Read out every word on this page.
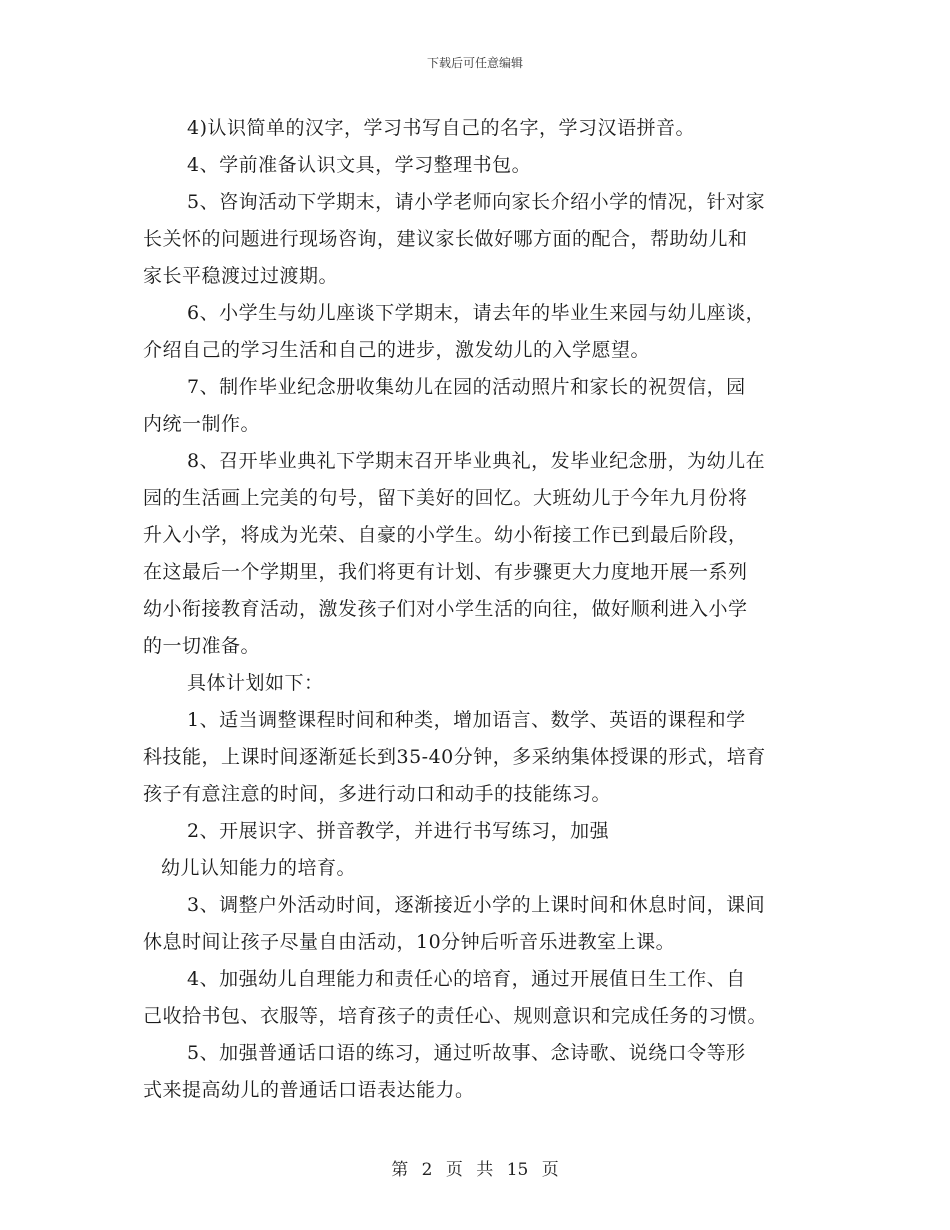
下载后可任意编辑
4)认识简单的汉字，学习书写自己的名字，学习汉语拼音。
4、学前准备认识文具，学习整理书包。
5、咨询活动下学期末，请小学老师向家长介绍小学的情况，针对家
长关怀的问题进行现场咨询，建议家长做好哪方面的配合，帮助幼儿和
家长平稳渡过过渡期。
6、小学生与幼儿座谈下学期末，请去年的毕业生来园与幼儿座谈，
介绍自己的学习生活和自己的进步，激发幼儿的入学愿望。
7、制作毕业纪念册收集幼儿在园的活动照片和家长的祝贺信，园
内统一制作。
8、召开毕业典礼下学期末召开毕业典礼，发毕业纪念册，为幼儿在
园的生活画上完美的句号，留下美好的回忆。大班幼儿于今年九月份将
升入小学，将成为光荣、自豪的小学生。幼小衔接工作已到最后阶段，
在这最后一个学期里，我们将更有计划、有步骤更大力度地开展一系列
幼小衔接教育活动，激发孩子们对小学生活的向往，做好顺利进入小学
的一切准备。
具体计划如下：
1、适当调整课程时间和种类，增加语言、数学、英语的课程和学
科技能，上课时间逐渐延长到35-40分钟，多采纳集体授课的形式，培育
孩子有意注意的时间，多进行动口和动手的技能练习。
2、开展识字、拼音教学，并进行书写练习，加强
幼儿认知能力的培育。
3、调整户外活动时间，逐渐接近小学的上课时间和休息时间，课间
休息时间让孩子尽量自由活动，10分钟后听音乐进教室上课。
4、加强幼儿自理能力和责任心的培育，通过开展值日生工作、自
己收拾书包、衣服等，培育孩子的责任心、规则意识和完成任务的习惯。
5、加强普通话口语的练习，通过听故事、念诗歌、说绕口令等形
式来提高幼儿的普通话口语表达能力。
第 2 页 共 15 页
